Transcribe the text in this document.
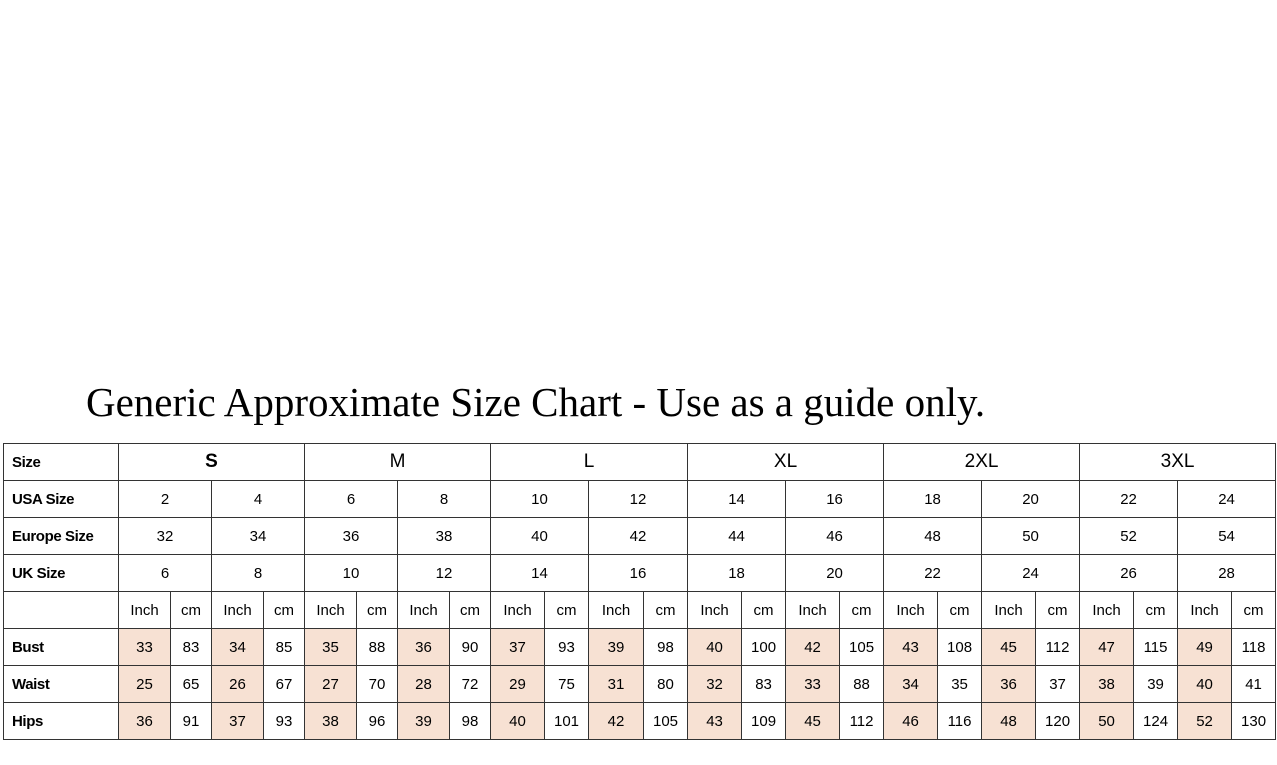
Generic Approximate Size Chart - Use as a guide only.
Size	S				M				L				XL				2XL				3XL			
USA Size	2		4		6		8		10		12		14		16		18		20		22		24	
Europe Size	32		34		36		38		40		42		44		46		48		50		52		54	
UK Size	6		8		10		12		14		16		18		20		22		24		26		28	
	Inch	cm	Inch	cm	Inch	cm	Inch	cm	Inch	cm	Inch	cm	Inch	cm	Inch	cm	Inch	cm	Inch	cm	Inch	cm	Inch	cm
Bust	33	83	34	85	35	88	36	90	37	93	39	98	40	100	42	105	43	108	45	112	47	115	49	118
Waist	25	65	26	67	27	70	28	72	29	75	31	80	32	83	33	88	34	35	36	37	38	39	40	41
Hips	36	91	37	93	38	96	39	98	40	101	42	105	43	109	45	112	46	116	48	120	50	124	52	130
